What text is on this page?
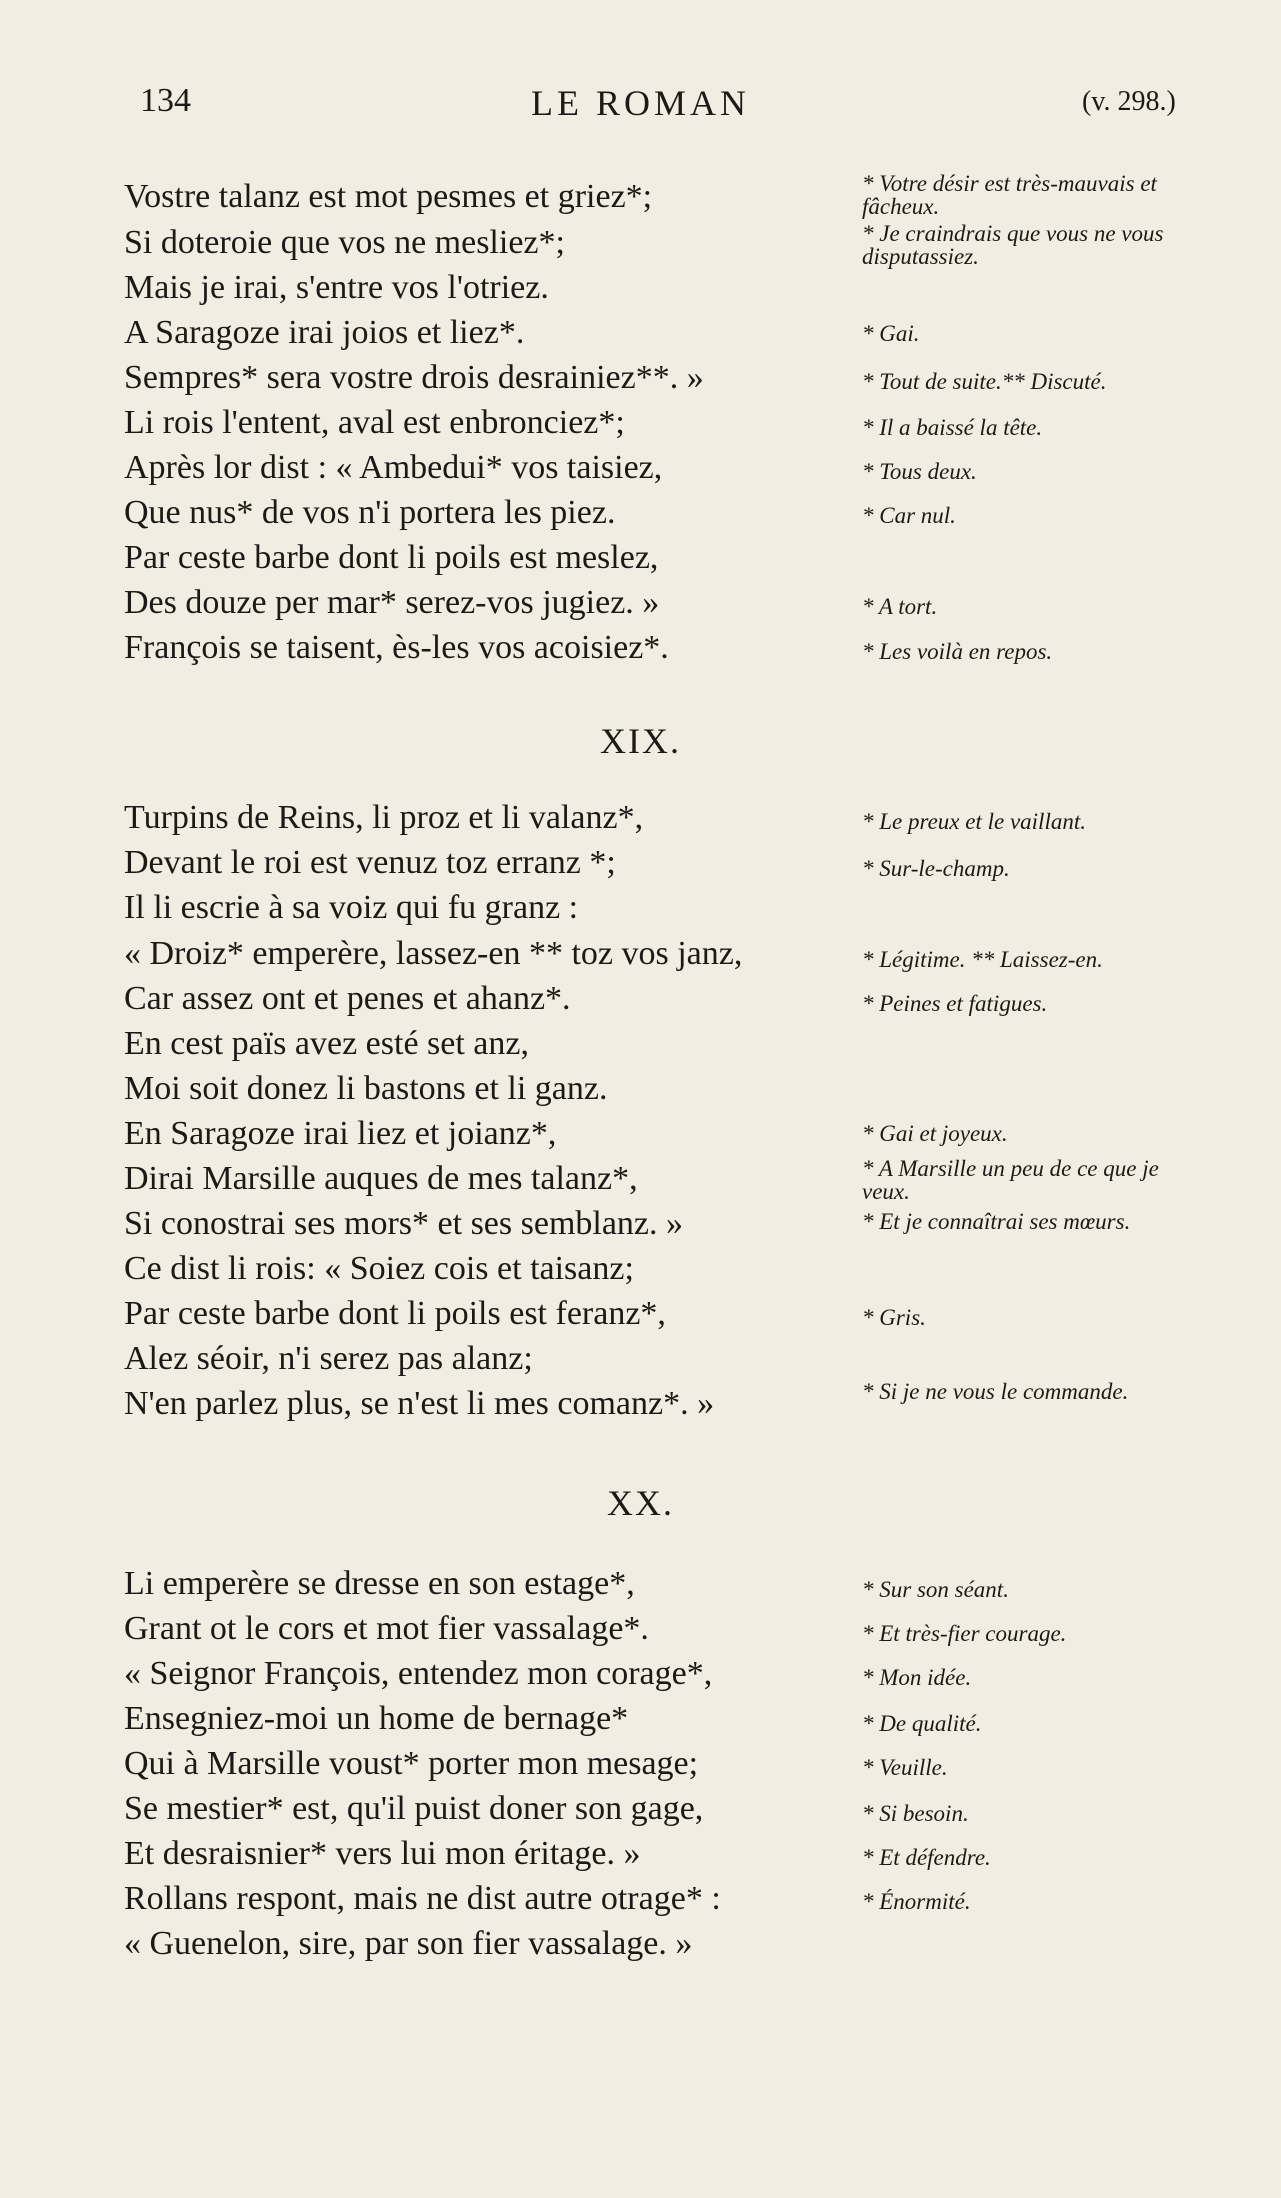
134	LE ROMAN	(v. 298.)
Vostre talanz est mot pesmes et griez*;	* Votre désir est très-mauvais et fâcheux.
Si doteroie que vos ne mesliez*;	* Je craindrais que vous ne vous disputassiez.
Mais je irai, s'entre vos l'otriez.
A Saragoze irai joios et liez*.	* Gai.
Sempres* sera vostre drois desrainiez**. »	* Tout de suite.** Discuté.
Li rois l'entent, aval est enbronciez*;	* Il a baissé la tête.
Après lor dist : « Ambedui* vos taisiez,	* Tous deux.
Que nus* de vos n'i portera les piez.	* Car nul.
Par ceste barbe dont li poils est meslez,
Des douze per mar* serez-vos jugiez. »	* A tort.
François se taisent, ès-les vos acoisiez*.	* Les voilà en repos.
XIX.
Turpins de Reins, li proz et li valanz*,	* Le preux et le vaillant.
Devant le roi est venuz toz erranz *;	* Sur-le-champ.
Il li escrie à sa voiz qui fu granz :
« Droiz* emperère, lassez-en ** toz vos janz,	* Légitime. ** Laissez-en.
Car assez ont et penes et ahanz*.	* Peines et fatigues.
En cest païs avez esté set anz,
Moi soit donez li bastons et li ganz.
En Saragoze irai liez et joianz*,	* Gai et joyeux.
Dirai Marsille auques de mes talanz*,	* A Marsille un peu de ce que je veux.
Si conostrai ses mors* et ses semblanz. »	* Et je connaîtrai ses mœurs.
Ce dist li rois: « Soiez cois et taisanz;
Par ceste barbe dont li poils est feranz*,	* Gris.
Alez séoir, n'i serez pas alanz;
N'en parlez plus, se n'est li mes comanz*. »	* Si je ne vous le commande.
XX.
Li emperère se dresse en son estage*,	* Sur son séant.
Grant ot le cors et mot fier vassalage*.	* Et très-fier courage.
« Seignor François, entendez mon corage*,	* Mon idée.
Ensegniez-moi un home de bernage*	* De qualité.
Qui à Marsille voust* porter mon mesage;	* Veuille.
Se mestier* est, qu'il puist doner son gage,	* Si besoin.
Et desraisnier* vers lui mon éritage. »	* Et défendre.
Rollans respont, mais ne dist autre otrage* :	* Énormité.
« Guenelon, sire, par son fier vassalage. »
